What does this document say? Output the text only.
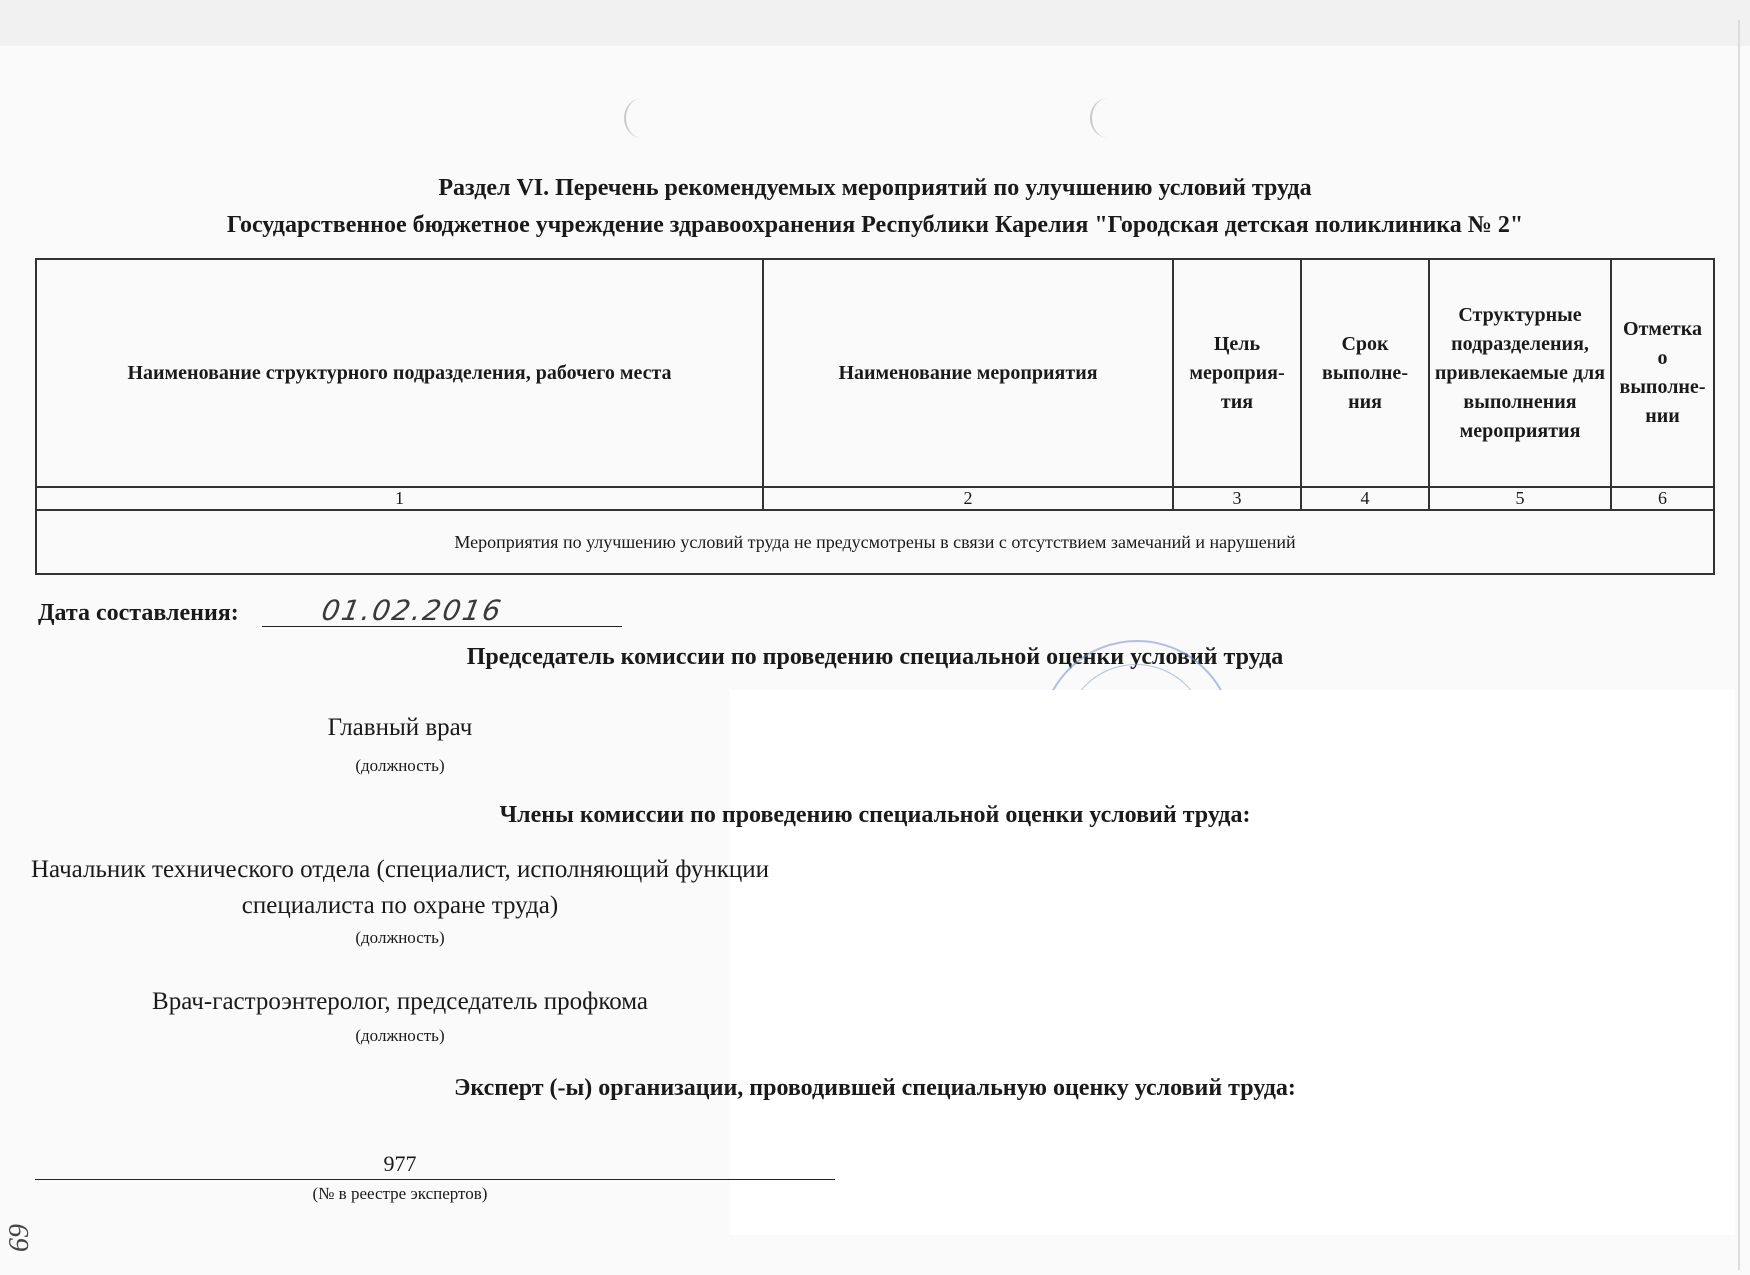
Раздел VI. Перечень рекомендуемых мероприятий по улучшению условий труда
Государственное бюджетное учреждение здравоохранения Республики Карелия "Городская детская поликлиника № 2"
Наименование структурного подразделения, рабочего места	Наименование мероприятия	Цель мероприя-тия	Срок выполне-ния	Структурные подразделения, привлекаемые для выполнения мероприятия	Отметка о выполне-нии
1	2	3	4	5	6
Мероприятия по улучшению условий труда не предусмотрены в связи с отсутствием замечаний и нарушений					
Дата составления:	01.02.2016
Председатель комиссии по проведению специальной оценки условий труда
Главный врач
(должность)
Члены комиссии по проведению специальной оценки условий труда:
Начальник технического отдела (специалист, исполняющий функции специалиста по охране труда)
(должность)
Врач-гастроэнтеролог, председатель профкома
(должность)
Эксперт (-ы) организации, проводившей специальную оценку условий труда:
977
(№ в реестре экспертов)
69
